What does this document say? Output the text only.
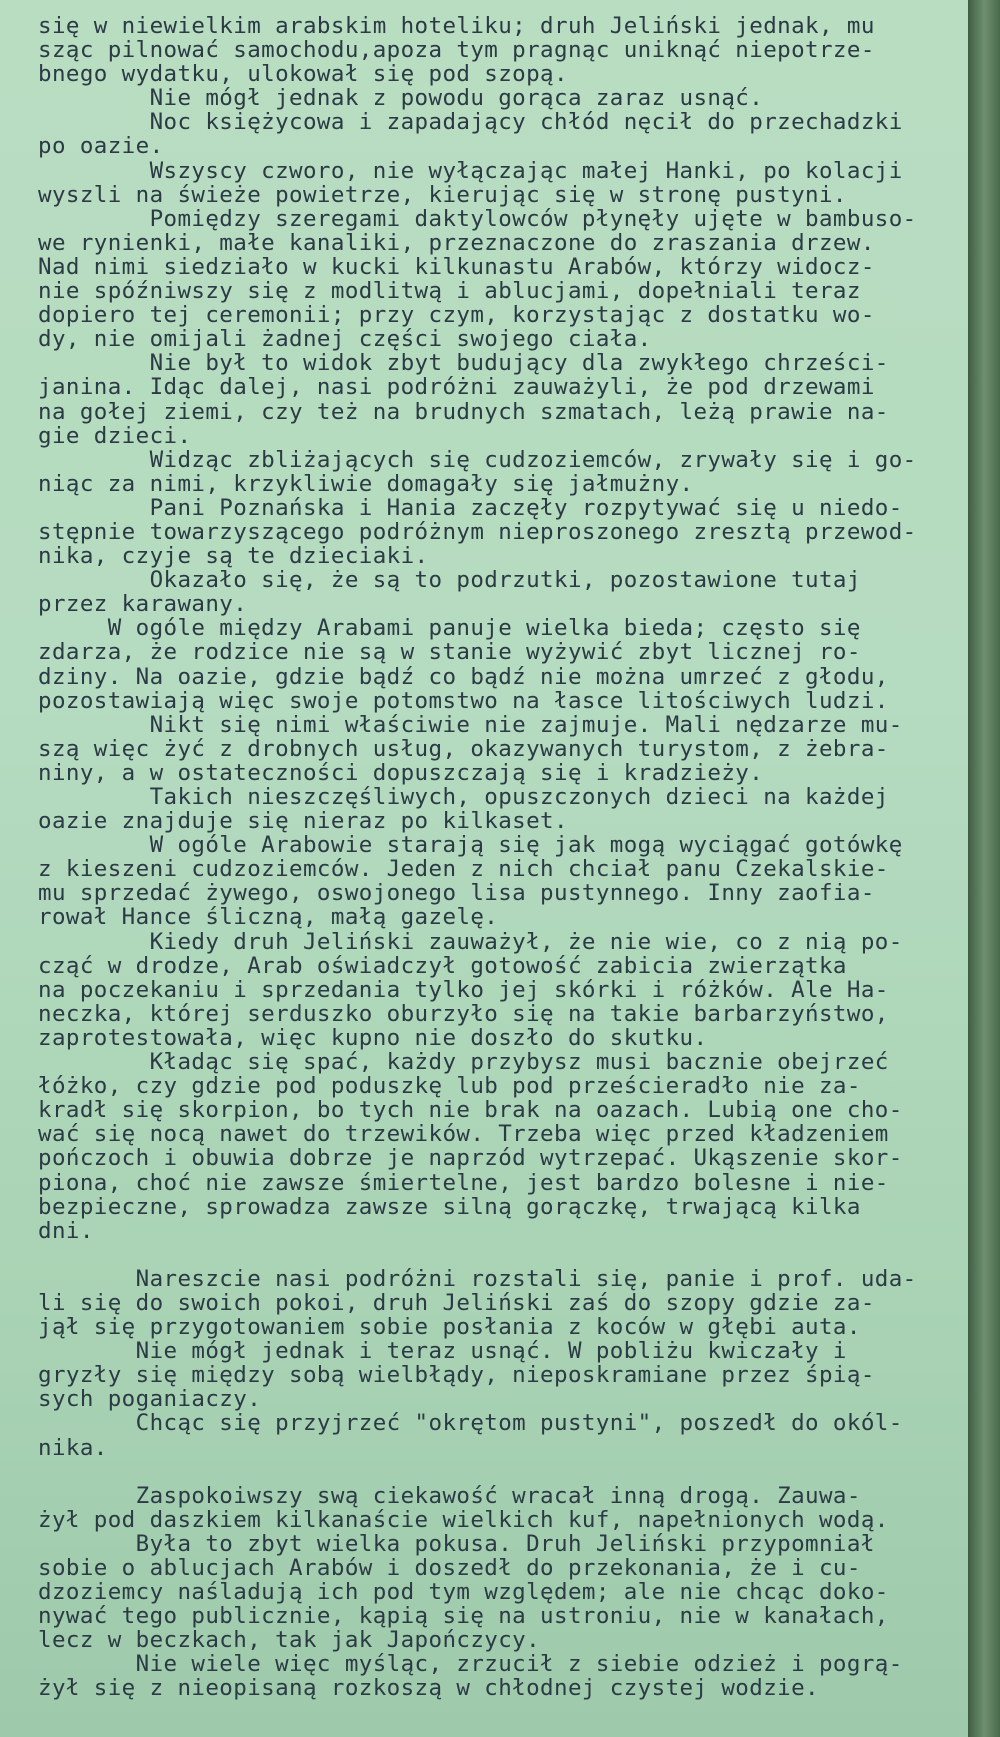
się w niewielkim arabskim hoteliku; druh Jeliński jednak, mu
sząc pilnować samochodu,apoza tym pragnąc uniknąć niepotrze-
bnego wydatku, ulokował się pod szopą.
Nie mógł jednak z powodu gorąca zaraz usnąć.
Noc księżycowa i zapadający chłód nęcił do przechadzki
po oazie.
Wszyscy czworo, nie wyłączając małej Hanki, po kolacji
wyszli na świeże powietrze, kierując się w stronę pustyni.
Pomiędzy szeregami daktylowców płynęły ujęte w bambuso-
we rynienki, małe kanaliki, przeznaczone do zraszania drzew.
Nad nimi siedziało w kucki kilkunastu Arabów, którzy widocz-
nie spóźniwszy się z modlitwą i ablucjami, dopełniali teraz
dopiero tej ceremonii; przy czym, korzystając z dostatku wo-
dy, nie omijali żadnej części swojego ciała.
Nie był to widok zbyt budujący dla zwykłego chrześci-
janina. Idąc dalej, nasi podróżni zauważyli, że pod drzewami
na gołej ziemi, czy też na brudnych szmatach, leżą prawie na-
gie dzieci.
Widząc zbliżających się cudzoziemców, zrywały się i go-
niąc za nimi, krzykliwie domagały się jałmużny.
Pani Poznańska i Hania zaczęły rozpytywać się u niedo-
stępnie towarzyszącego podróżnym nieproszonego zresztą przewod-
nika, czyje są te dzieciaki.
Okazało się, że są to podrzutki, pozostawione tutaj
przez karawany.
W ogóle między Arabami panuje wielka bieda; często się
zdarza, że rodzice nie są w stanie wyżywić zbyt licznej ro-
dziny. Na oazie, gdzie bądź co bądź nie można umrzeć z głodu,
pozostawiają więc swoje potomstwo na łasce litościwych ludzi.
Nikt się nimi właściwie nie zajmuje. Mali nędzarze mu-
szą więc żyć z drobnych usług, okazywanych turystom, z żebra-
niny, a w ostateczności dopuszczają się i kradzieży.
Takich nieszczęśliwych, opuszczonych dzieci na każdej
oazie znajduje się nieraz po kilkaset.
W ogóle Arabowie starają się jak mogą wyciągać gotówkę
z kieszeni cudzoziemców. Jeden z nich chciał panu Czekalskie-
mu sprzedać żywego, oswojonego lisa pustynnego. Inny zaofia-
rował Hance śliczną, małą gazelę.
Kiedy druh Jeliński zauważył, że nie wie, co z nią po-
cząć w drodze, Arab oświadczył gotowość zabicia zwierzątka
na poczekaniu i sprzedania tylko jej skórki i różków. Ale Ha-
neczka, której serduszko oburzyło się na takie barbarzyństwo,
zaprotestowała, więc kupno nie doszło do skutku.
Kładąc się spać, każdy przybysz musi bacznie obejrzeć
łóżko, czy gdzie pod poduszkę lub pod prześcieradło nie za-
kradł się skorpion, bo tych nie brak na oazach. Lubią one cho-
wać się nocą nawet do trzewików. Trzeba więc przed kładzeniem
pończoch i obuwia dobrze je naprzód wytrzepać. Ukąszenie skor-
piona, choć nie zawsze śmiertelne, jest bardzo bolesne i nie-
bezpieczne, sprowadza zawsze silną gorączkę, trwającą kilka
dni.
Nareszcie nasi podróżni rozstali się, panie i prof. uda-
li się do swoich pokoi, druh Jeliński zaś do szopy gdzie za-
jął się przygotowaniem sobie posłania z koców w głębi auta.
Nie mógł jednak i teraz usnąć. W pobliżu kwiczały i
gryzły się między sobą wielbłądy, nieposkramiane przez śpią-
sych poganiaczy.
Chcąc się przyjrzeć "okrętom pustyni", poszedł do okól-
nika.
Zaspokoiwszy swą ciekawość wracał inną drogą. Zauwa-
żył pod daszkiem kilkanaście wielkich kuf, napełnionych wodą.
Była to zbyt wielka pokusa. Druh Jeliński przypomniał
sobie o ablucjach Arabów i doszedł do przekonania, że i cu-
dzoziemcy naśladują ich pod tym względem; ale nie chcąc doko-
nywać tego publicznie, kąpią się na ustroniu, nie w kanałach,
lecz w beczkach, tak jak Japończycy.
Nie wiele więc myśląc, zrzucił z siebie odzież i pogrą-
żył się z nieopisaną rozkoszą w chłodnej czystej wodzie.
